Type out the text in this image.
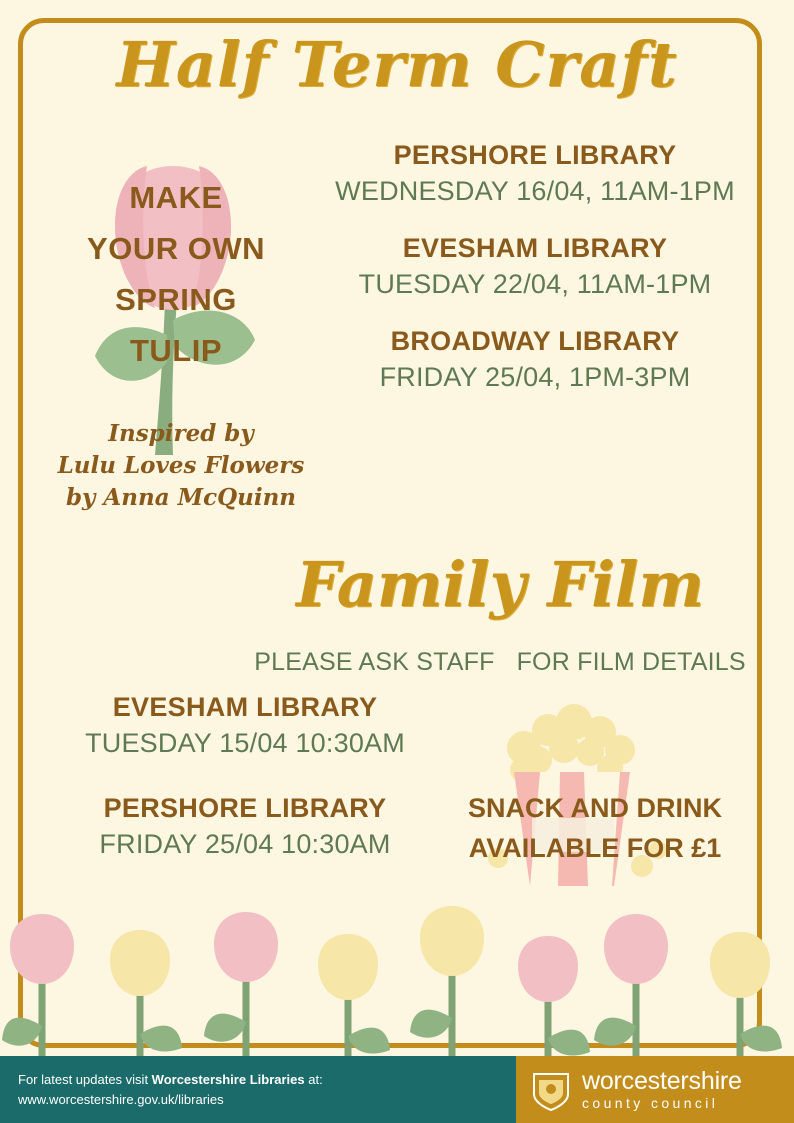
Half Term Craft
MAKE
YOUR OWN
SPRING
TULIP
Inspired by
Lulu Loves Flowers
by Anna McQuinn
PERSHORE LIBRARY
WEDNESDAY 16/04, 11AM-1PM
EVESHAM LIBRARY
TUESDAY 22/04, 11AM-1PM
BROADWAY LIBRARY
FRIDAY 25/04, 1PM-3PM
Family Film
PLEASE ASK STAFF FOR FILM DETAILS
EVESHAM LIBRARY
TUESDAY 15/04 10:30AM
PERSHORE LIBRARY
FRIDAY 25/04 10:30AM
SNACK AND DRINK
AVAILABLE FOR £1
For latest updates visit Worcestershire Libraries at:
www.worcestershire.gov.uk/libraries
worcestershire
county council
